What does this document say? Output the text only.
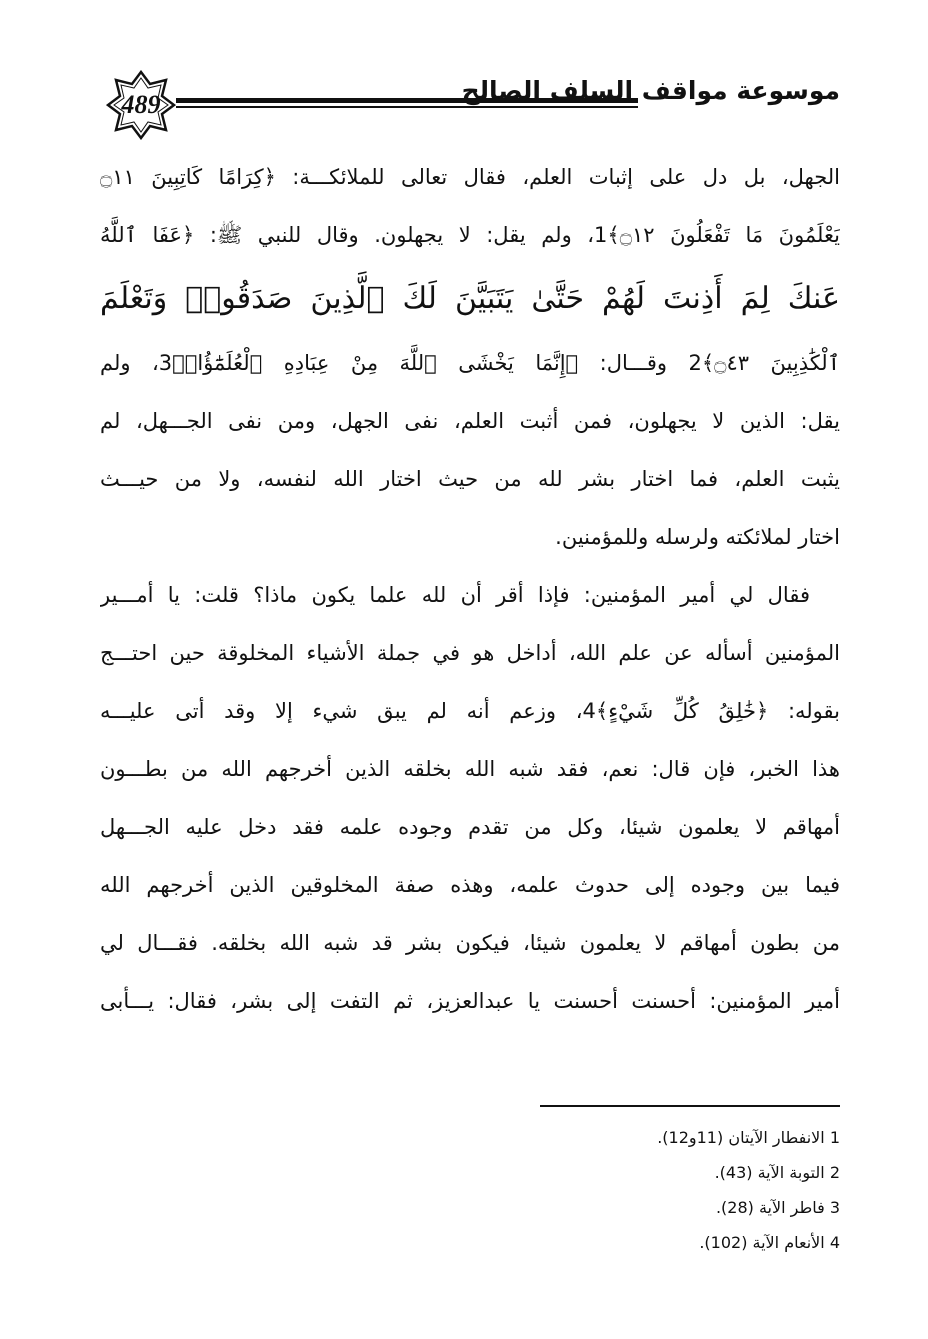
489	موسوعة مواقف السلف الصالح
الجهل، بل دل على إثبات العلم، فقال تعالى للملائكـــة: ﴿كِرَامًا كَاتِبِينَ ۝١١
يَعْلَمُونَ مَا تَفْعَلُونَ ۝١٢﴾1، ولم يقل: لا يجهلون. وقال للنبي ﷺ: ﴿عَفَا ٱللَّهُ
عَنكَ لِمَ أَذِنتَ لَهُمْ حَتَّىٰ يَتَبَيَّنَ لَكَ ٱلَّذِينَ صَدَقُوا۟ وَتَعْلَمَ
ٱلْكَٰذِبِينَ ۝٤٣﴾2 وقـــال: ﴿إِنَّمَا يَخْشَى ٱللَّهَ مِنْ عِبَادِهِ ٱلْعُلَمَٰٓؤُا۟﴾3، ولم
يقل: الذين لا يجهلون، فمن أثبت العلم، نفى الجهل، ومن نفى الجـــهل، لم
يثبت العلم، فما اختار بشر لله من حيث اختار الله لنفسه، ولا من حيـــث
اختار لملائكته ولرسله وللمؤمنين.
فقال لي أمير المؤمنين: فإذا أقر أن لله علما يكون ماذا؟ قلت: يا أمـــير
المؤمنين أسأله عن علم الله، أداخل هو في جملة الأشياء المخلوقة حين احتـــج
بقوله: ﴿خَٰلِقُ كُلِّ شَيْءٍ﴾4، وزعم أنه لم يبق شيء إلا وقد أتى عليـــه
هذا الخبر، فإن قال: نعم، فقد شبه الله بخلقه الذين أخرجهم الله من بطـــون
أمهاقم لا يعلمون شيئا، وكل من تقدم وجوده علمه فقد دخل عليه الجـــهل
فيما بين وجوده إلى حدوث علمه، وهذه صفة المخلوقين الذين أخرجهم الله
من بطون أمهاقم لا يعلمون شيئا، فيكون بشر قد شبه الله بخلقه. فقـــال لي
أمير المؤمنين: أحسنت أحسنت يا عبدالعزيز، ثم التفت إلى بشر، فقال: يـــأبى
1 الانفطار الآيتان (11و12).
2 التوبة الآية (43).
3 فاطر الآية (28).
4 الأنعام الآية (102).
